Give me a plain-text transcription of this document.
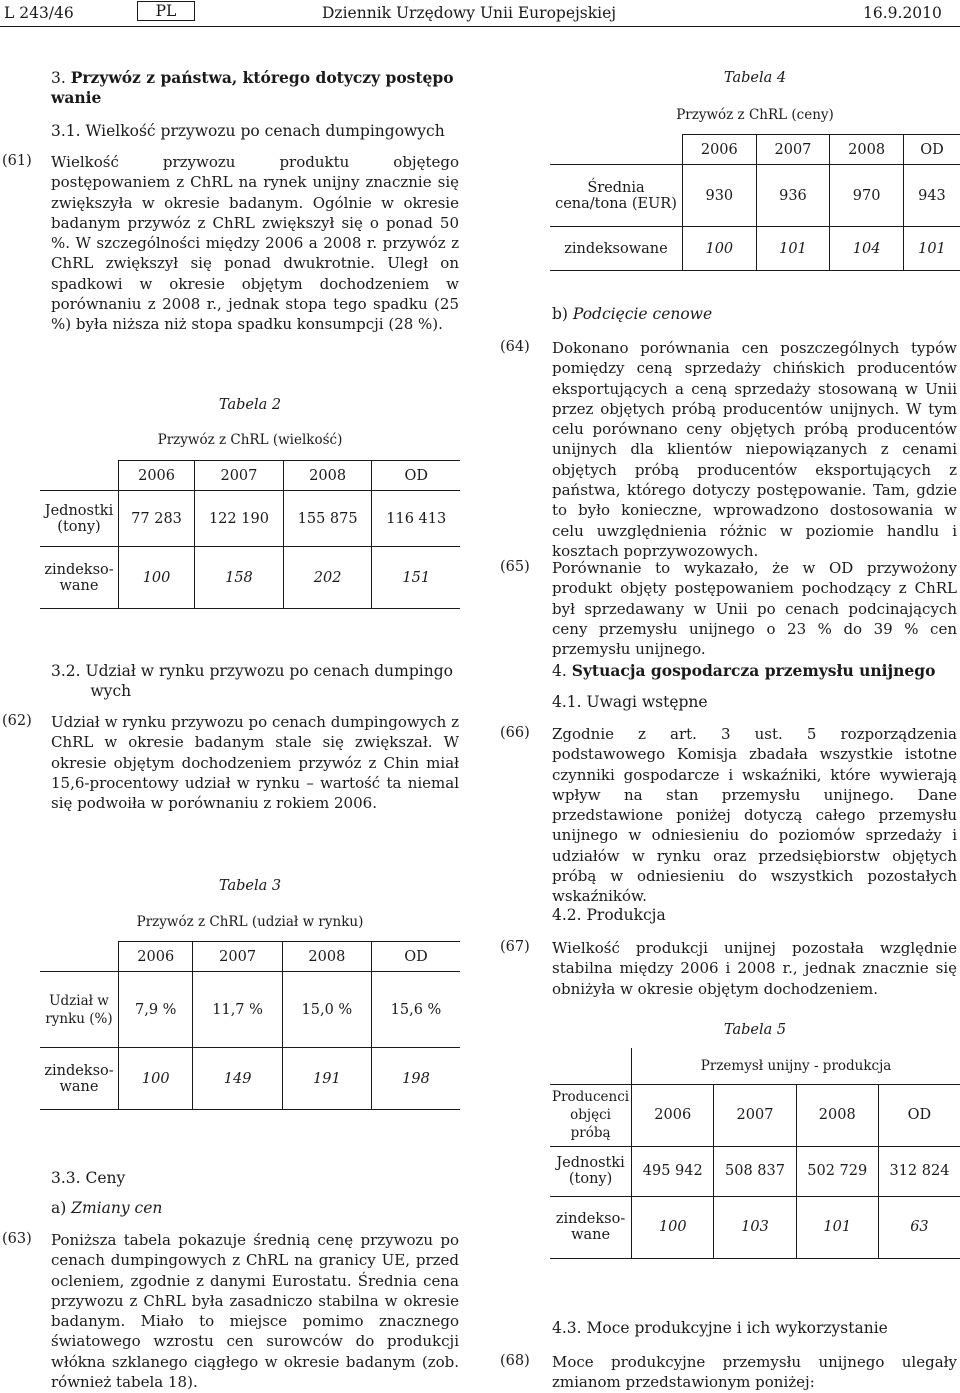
L 243/46	PL	Dziennik Urzędowy Unii Europejskiej	16.9.2010
3. Przywóz z państwa, którego dotyczy postępo
wanie
3.1. Wielkość przywozu po cenach dumpingowych
(61) Wielkość przywozu produktu objętego postępowaniem z ChRL na rynek unijny znacznie się zwiększyła w okresie badanym. Ogólnie w okresie badanym przywóz z ChRL zwiększył się o ponad 50 %. W szczególności między 2006 a 2008 r. przywóz z ChRL zwiększył się ponad dwukrotnie. Uległ on spadkowi w okresie objętym dochodzeniem w porównaniu z 2008 r., jednak stopa tego spadku (25 %) była niższa niż stopa spadku konsumpcji (28 %).
Tabela 2
Przywóz z ChRL (wielkość)
	2006	2007	2008	OD
Jednostki (tony)	77 283	122 190	155 875	116 413
zindeksowane	100	158	202	151
3.2. Udział w rynku przywozu po cenach dumpingo
wych
(62) Udział w rynku przywozu po cenach dumpingowych z ChRL w okresie badanym stale się zwiększał. W okresie objętym dochodzeniem przywóz z Chin miał 15,6-procentowy udział w rynku – wartość ta niemal się podwoiła w porównaniu z rokiem 2006.
Tabela 3
Przywóz z ChRL (udział w rynku)
	2006	2007	2008	OD
Udział w rynku (%)	7,9 %	11,7 %	15,0 %	15,6 %
zindeksowane	100	149	191	198
3.3. Ceny
a) Zmiany cen
(63) Poniższa tabela pokazuje średnią cenę przywozu po cenach dumpingowych z ChRL na granicy UE, przed ocleniem, zgodnie z danymi Eurostatu. Średnia cena przywozu z ChRL była zasadniczo stabilna w okresie badanym. Miało to miejsce pomimo znacznego światowego wzrostu cen surowców do produkcji włókna szklanego ciągłego w okresie badanym (zob. również tabela 18).
Tabela 4
Przywóz z ChRL (ceny)
	2006	2007	2008	OD
Średnia cena/tona (EUR)	930	936	970	943
zindeksowane	100	101	104	101
b) Podcięcie cenowe
(64) Dokonano porównania cen poszczególnych typów pomiędzy ceną sprzedaży chińskich producentów eksportujących a ceną sprzedaży stosowaną w Unii przez objętych próbą producentów unijnych. W tym celu porównano ceny objętych próbą producentów unijnych dla klientów niepowiązanych z cenami objętych próbą producentów eksportujących z państwa, którego dotyczy postępowanie. Tam, gdzie to było konieczne, wprowadzono dostosowania w celu uwzględnienia różnic w poziomie handlu i kosztach poprzywozowych.
(65) Porównanie to wykazało, że w OD przywożony produkt objęty postępowaniem pochodzący z ChRL był sprzedawany w Unii po cenach podcinających ceny przemysłu unijnego o 23 % do 39 % cen przemysłu unijnego.
4. Sytuacja gospodarcza przemysłu unijnego
4.1. Uwagi wstępne
(66) Zgodnie z art. 3 ust. 5 rozporządzenia podstawowego Komisja zbadała wszystkie istotne czynniki gospodarcze i wskaźniki, które wywierają wpływ na stan przemysłu unijnego. Dane przedstawione poniżej dotyczą całego przemysłu unijnego w odniesieniu do poziomów sprzedaży i udziałów w rynku oraz przedsiębiorstw objętych próbą w odniesieniu do wszystkich pozostałych wskaźników.
4.2. Produkcja
(67) Wielkość produkcji unijnej pozostała względnie stabilna między 2006 i 2008 r., jednak znacznie się obniżyła w okresie objętym dochodzeniem.
Tabela 5
	Przemysł unijny - produkcja			
Producenci objęci próbą	2006	2007	2008	OD
Jednostki (tony)	495 942	508 837	502 729	312 824
zindeksowane	100	103	101	63
4.3. Moce produkcyjne i ich wykorzystanie
(68) Moce produkcyjne przemysłu unijnego ulegały zmianom przedstawionym poniżej:
